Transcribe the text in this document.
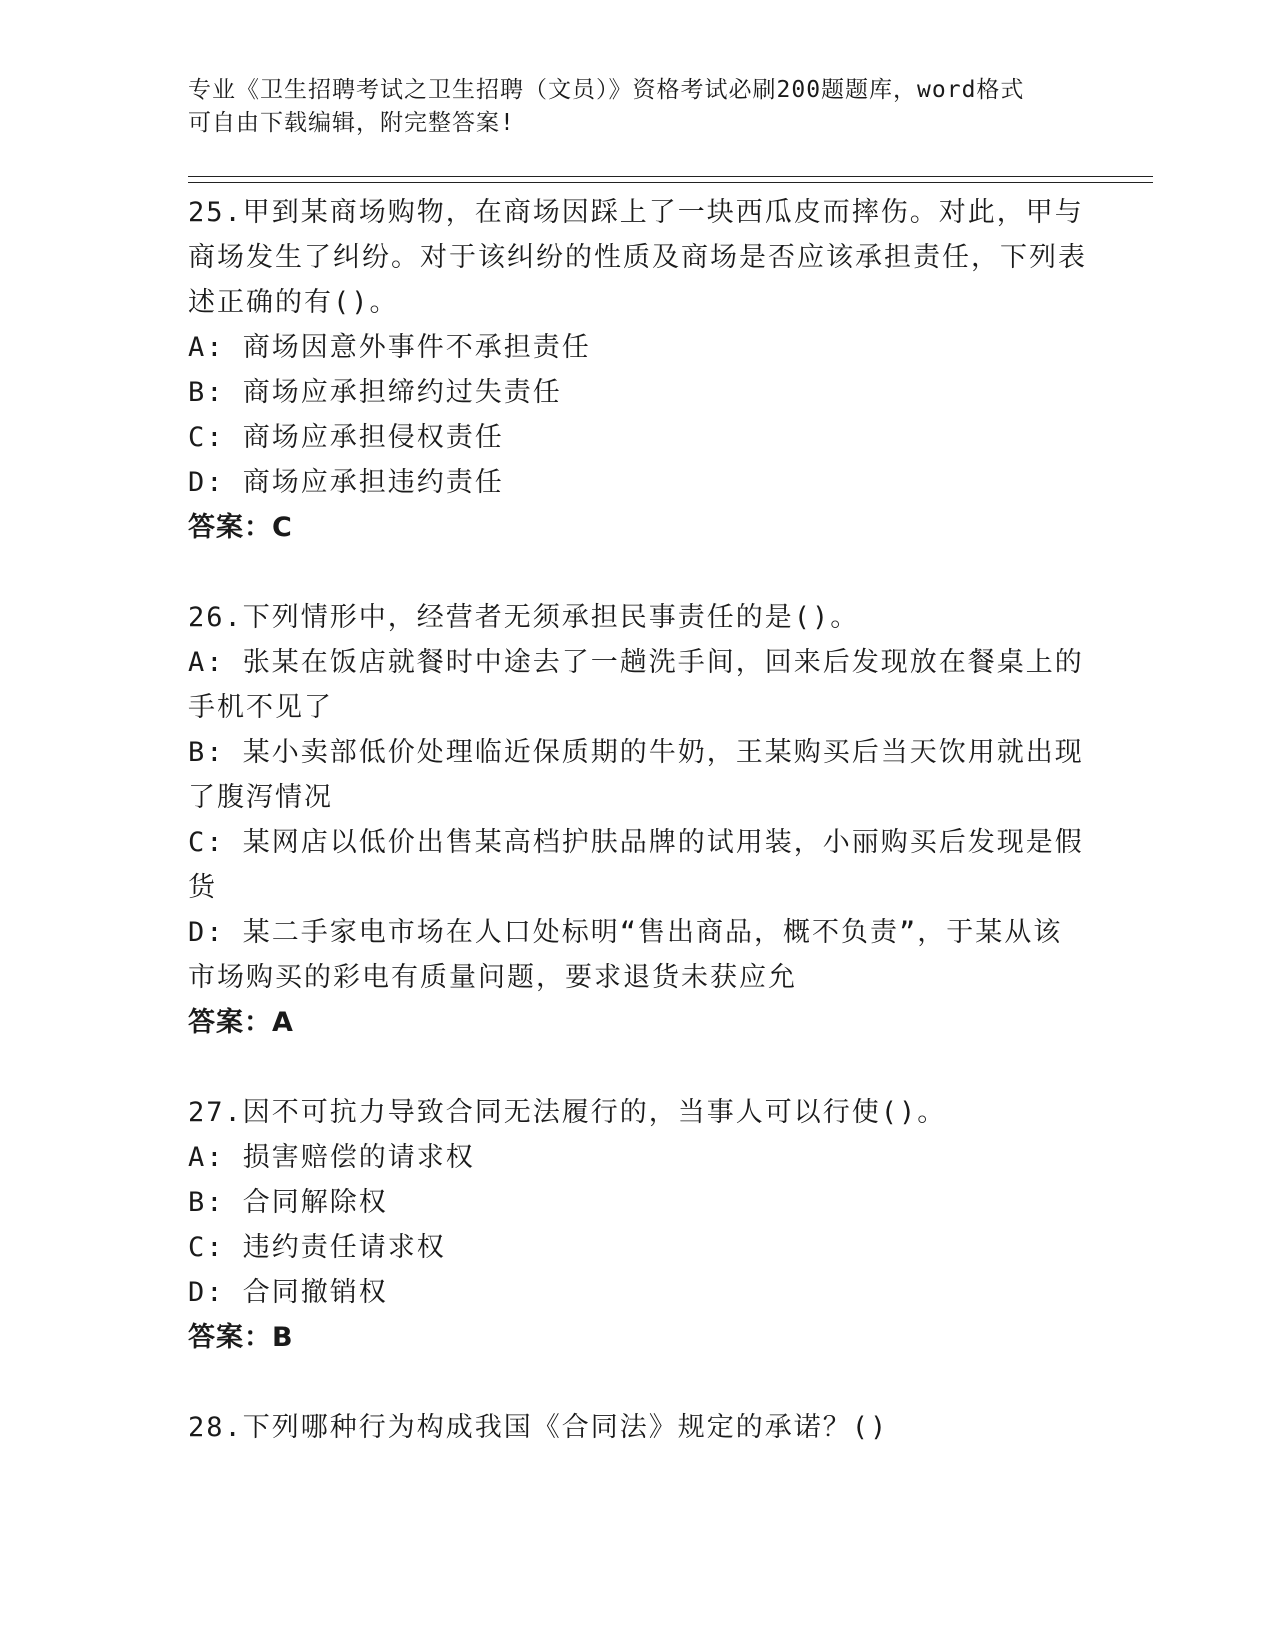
专业《卫生招聘考试之卫生招聘（文员）》资格考试必刷200题题库，word格式
可自由下载编辑，附完整答案!

25.甲到某商场购物，在商场因踩上了一块西瓜皮而摔伤。对此，甲与商场发生了纠纷。对于该纠纷的性质及商场是否应该承担责任，下列表述正确的有()。

A: 商场因意外事件不承担责任

B: 商场应承担缔约过失责任

C: 商场应承担侵权责任

D: 商场应承担违约责任

答案：C

26.下列情形中，经营者无须承担民事责任的是()。

A: 张某在饭店就餐时中途去了一趟洗手间，回来后发现放在餐桌上的手机不见了

B: 某小卖部低价处理临近保质期的牛奶，王某购买后当天饮用就出现了腹泻情况

C: 某网店以低价出售某高档护肤品牌的试用装，小丽购买后发现是假货

D: 某二手家电市场在人口处标明“售出商品，概不负责”，于某从该市场购买的彩电有质量问题，要求退货未获应允

答案：A

27.因不可抗力导致合同无法履行的，当事人可以行使()。

A: 损害赔偿的请求权

B: 合同解除权

C: 违约责任请求权

D: 合同撤销权

答案：B

28.下列哪种行为构成我国《合同法》规定的承诺？()
